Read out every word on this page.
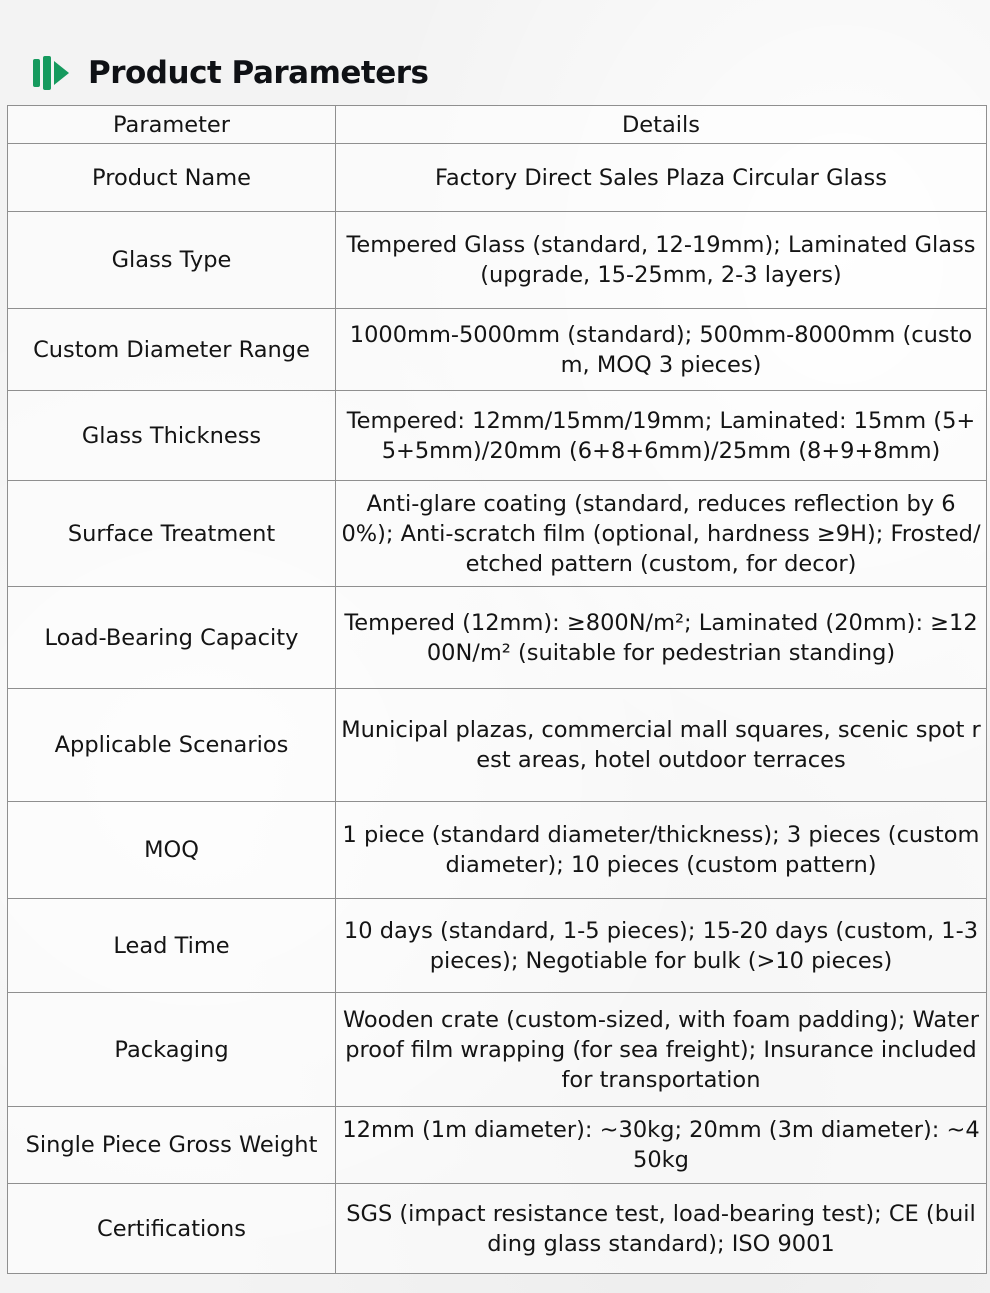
Product Parameters
Parameter	Details
Product Name	Factory Direct Sales Plaza Circular Glass
Glass Type	Tempered Glass (standard, 12-19mm); Laminated Glass (upgrade, 15-25mm, 2-3 layers)
Custom Diameter Range	1000mm-5000mm (standard); 500mm-8000mm (custom, MOQ 3 pieces)
Glass Thickness	Tempered: 12mm/15mm/19mm; Laminated: 15mm (5+5+5mm)/20mm (6+8+6mm)/25mm (8+9+8mm)
Surface Treatment	Anti-glare coating (standard, reduces reflection by 60%); Anti-scratch film (optional, hardness ≥9H); Frosted/etched pattern (custom, for decor)
Load-Bearing Capacity	Tempered (12mm): ≥800N/m²; Laminated (20mm): ≥1200N/m² (suitable for pedestrian standing)
Applicable Scenarios	Municipal plazas, commercial mall squares, scenic spot rest areas, hotel outdoor terraces
MOQ	1 piece (standard diameter/thickness); 3 pieces (custom diameter); 10 pieces (custom pattern)
Lead Time	10 days (standard, 1-5 pieces); 15-20 days (custom, 1-3 pieces); Negotiable for bulk (>10 pieces)
Packaging	Wooden crate (custom-sized, with foam padding); Waterproof film wrapping (for sea freight); Insurance included for transportation
Single Piece Gross Weight	12mm (1m diameter): ~30kg; 20mm (3m diameter): ~450kg
Certifications	SGS (impact resistance test, load-bearing test); CE (building glass standard); ISO 9001
